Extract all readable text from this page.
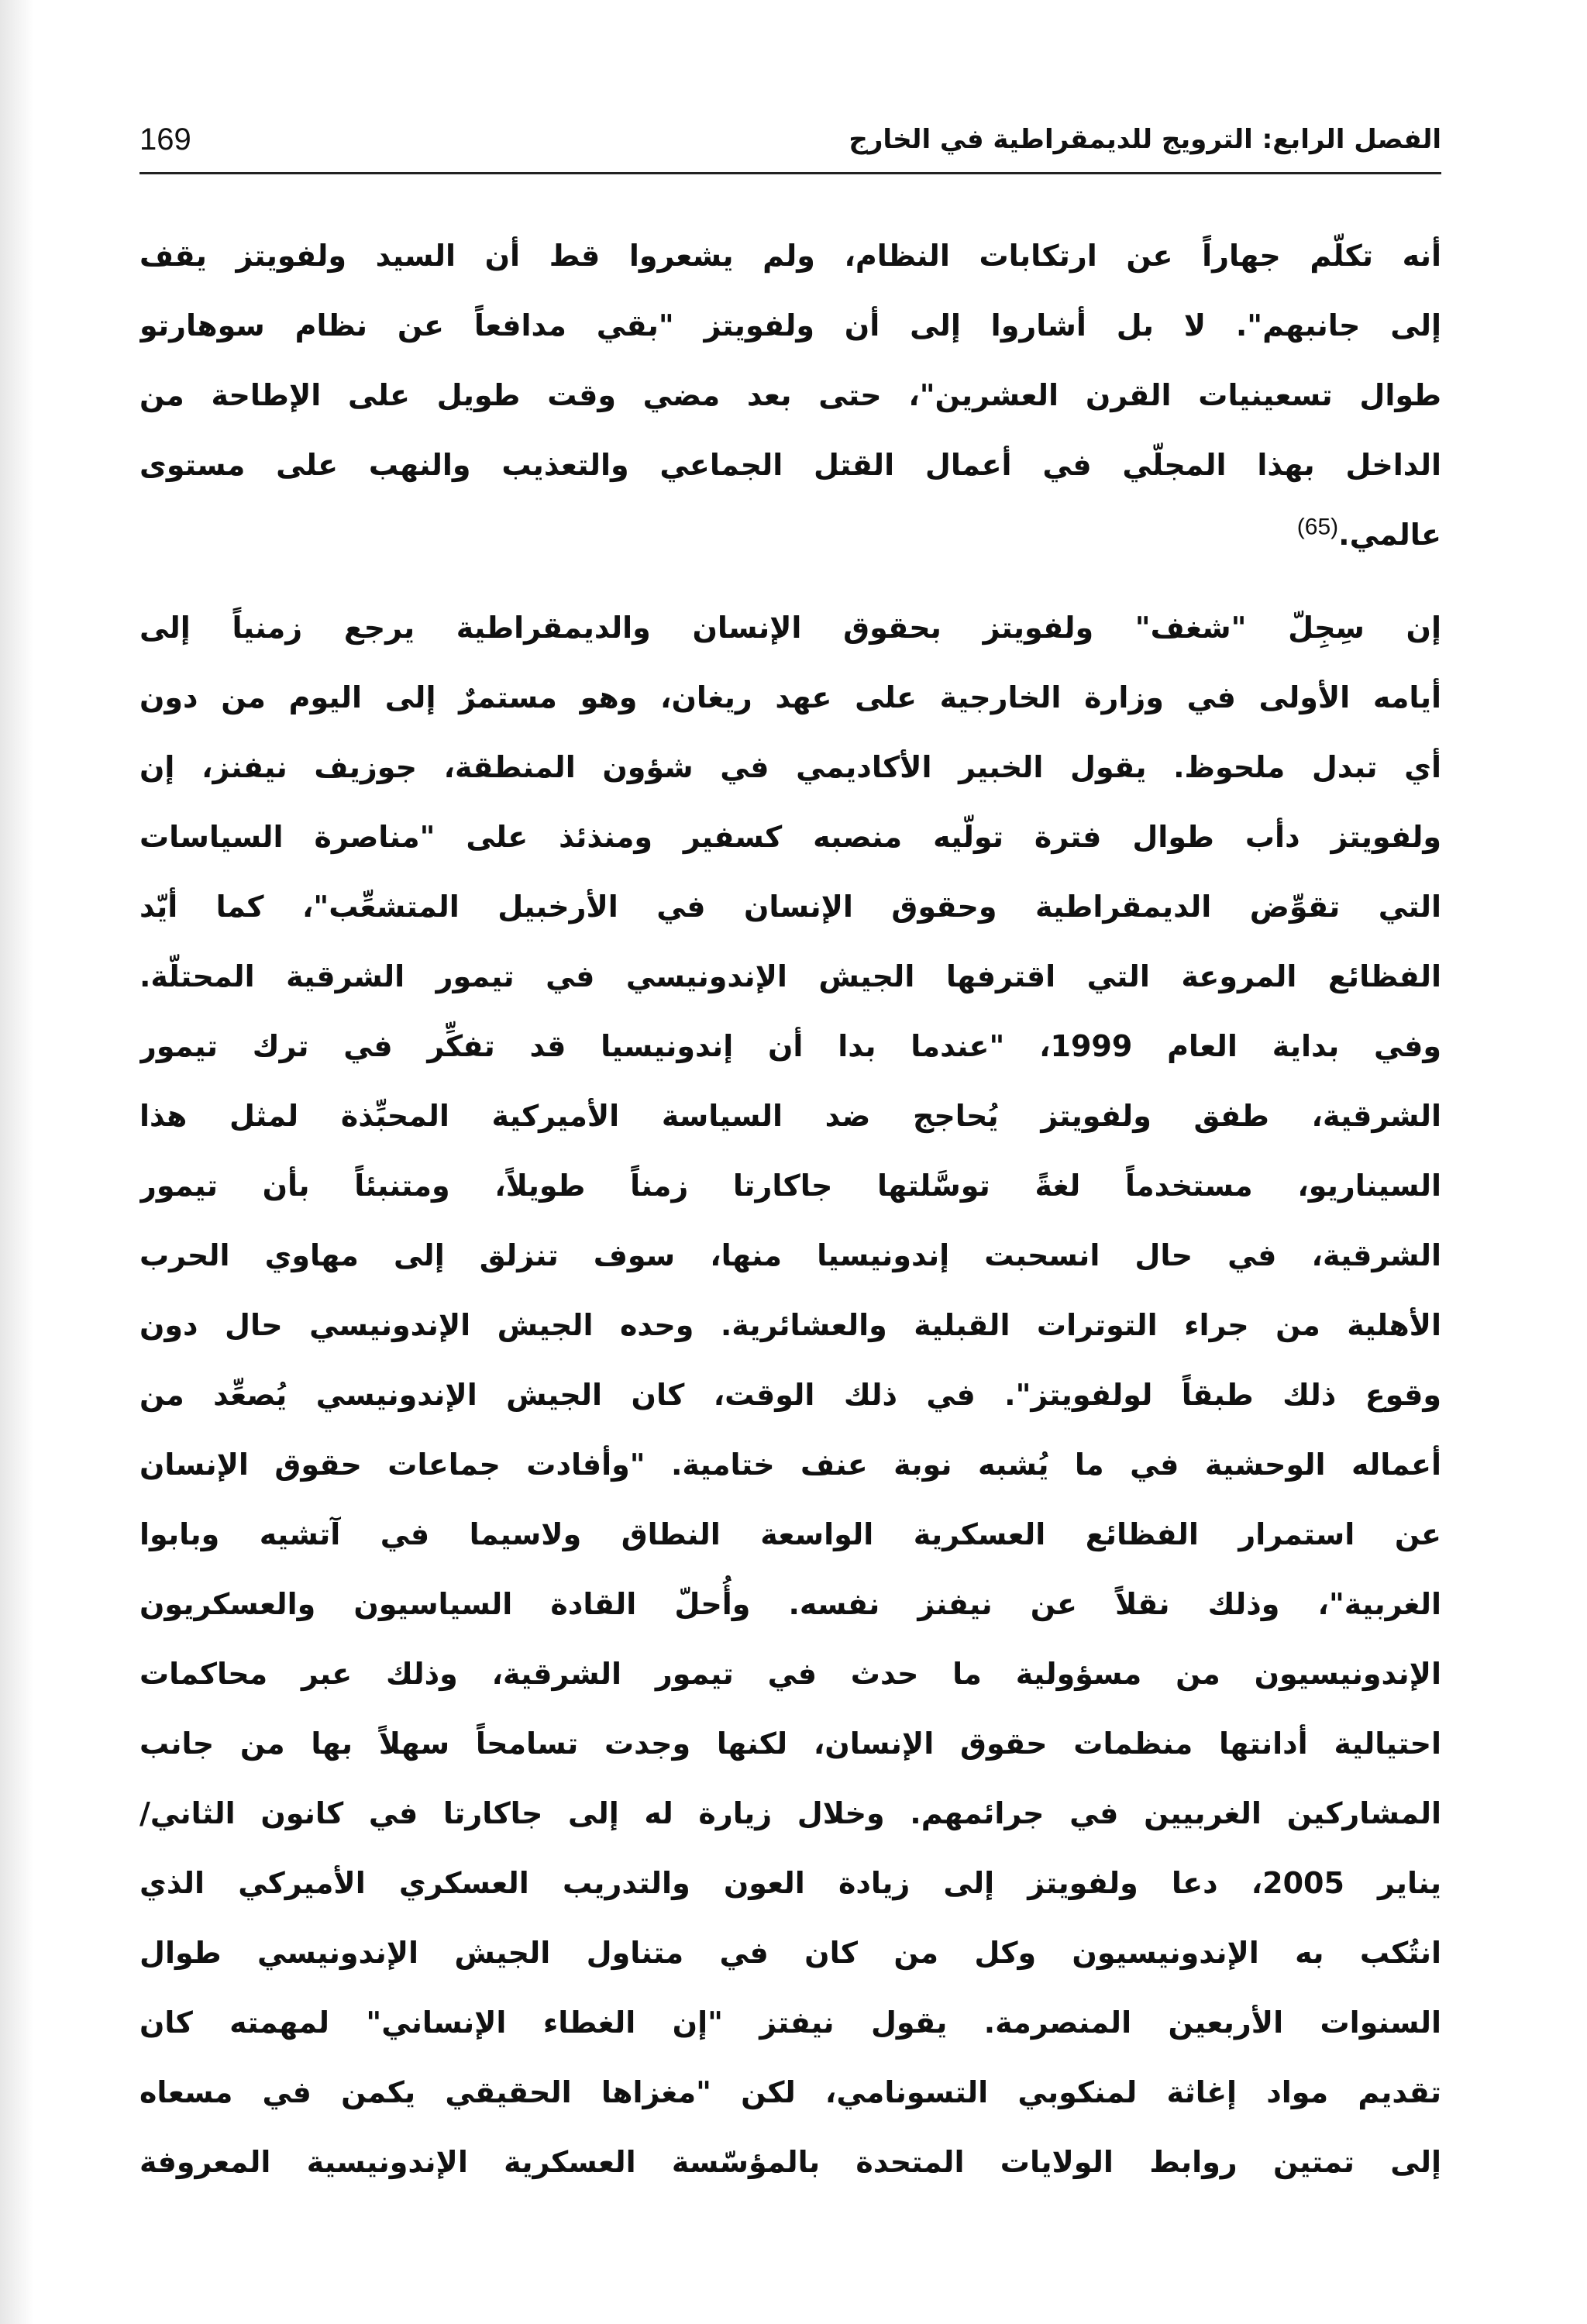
الفصل الرابع: الترويج للديمقراطية في الخارج
169
أنه تكلّم جهاراً عن ارتكابات النظام، ولم يشعروا قط أن السيد ولفويتز يقف
إلى جانبهم". لا بل أشاروا إلى أن ولفويتز "بقي مدافعاً عن نظام سوهارتو
طوال تسعينيات القرن العشرين"، حتى بعد مضي وقت طويل على الإطاحة من
الداخل بهذا المجلّي في أعمال القتل الجماعي والتعذيب والنهب على مستوى
عالمي.$^{(65)}$
إن سِجِلّ "شغف" ولفويتز بحقوق الإنسان والديمقراطية يرجع زمنياً إلى
أيامه الأولى في وزارة الخارجية على عهد ريغان، وهو مستمرٌ إلى اليوم من دون
أي تبدل ملحوظ. يقول الخبير الأكاديمي في شؤون المنطقة، جوزيف نيفنز، إن
ولفويتز دأب طوال فترة تولّيه منصبه كسفير ومنذئذ على "مناصرة السياسات
التي تقوِّض الديمقراطية وحقوق الإنسان في الأرخبيل المتشعِّب"، كما أيّد
الفظائع المروعة التي اقترفها الجيش الإندونيسي في تيمور الشرقية المحتلّة.
وفي بداية العام 1999، "عندما بدا أن إندونيسيا قد تفكِّر في ترك تيمور
الشرقية، طفق ولفويتز يُحاجج ضد السياسة الأميركية المحبِّذة لمثل هذا
السيناريو، مستخدماً لغةً توسَّلتها جاكارتا زمناً طويلاً، ومتنبئاً بأن تيمور
الشرقية، في حال انسحبت إندونيسيا منها، سوف تنزلق إلى مهاوي الحرب
الأهلية من جراء التوترات القبلية والعشائرية. وحده الجيش الإندونيسي حال دون
وقوع ذلك طبقاً لولفويتز". في ذلك الوقت، كان الجيش الإندونيسي يُصعِّد من
أعماله الوحشية في ما يُشبه نوبة عنف ختامية. "وأفادت جماعات حقوق الإنسان
عن استمرار الفظائع العسكرية الواسعة النطاق ولاسيما في آتشيه وبابوا
الغربية"، وذلك نقلاً عن نيفنز نفسه. وأُحلّ القادة السياسيون والعسكريون
الإندونيسيون من مسؤولية ما حدث في تيمور الشرقية، وذلك عبر محاكمات
احتيالية أدانتها منظمات حقوق الإنسان، لكنها وجدت تسامحاً سهلاً بها من جانب
المشاركين الغربيين في جرائمهم. وخلال زيارة له إلى جاكارتا في كانون الثاني/
يناير 2005، دعا ولفويتز إلى زيادة العون والتدريب العسكري الأميركي الذي
انتُكب به الإندونيسيون وكل من كان في متناول الجيش الإندونيسي طوال
السنوات الأربعين المنصرمة. يقول نيفتز "إن الغطاء الإنساني" لمهمته كان
تقديم مواد إغاثة لمنكوبي التسونامي، لكن "مغزاها الحقيقي يكمن في مسعاه
إلى تمتين روابط الولايات المتحدة بالمؤسّسة العسكرية الإندونيسية المعروفة
